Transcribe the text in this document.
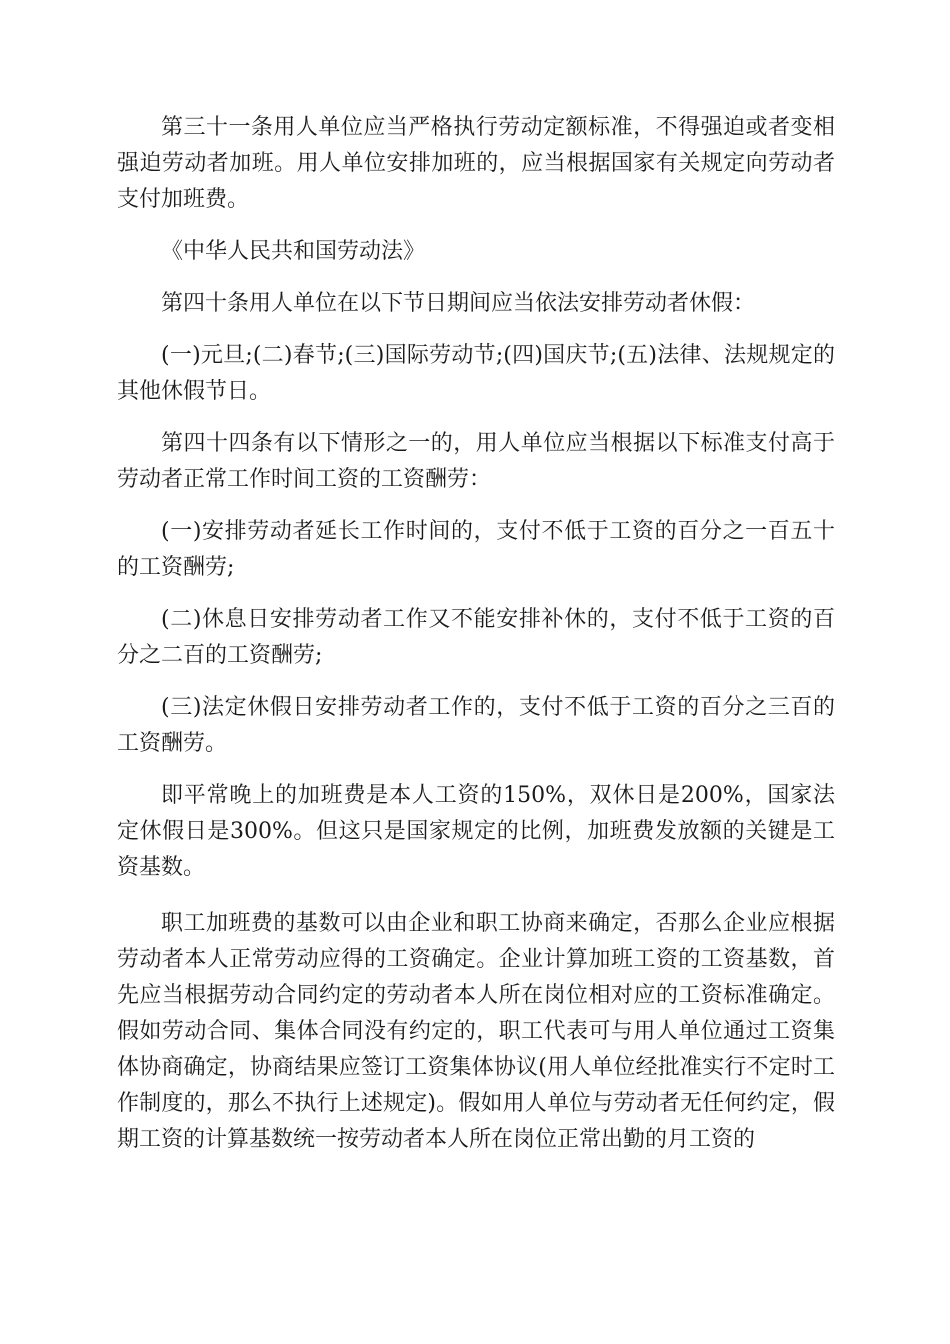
第三十一条用人单位应当严格执行劳动定额标准，不得强迫或者变相强迫劳动者加班。用人单位安排加班的，应当根据国家有关规定向劳动者支付加班费。

《中华人民共和国劳动法》

第四十条用人单位在以下节日期间应当依法安排劳动者休假：

(一)元旦;(二)春节;(三)国际劳动节;(四)国庆节;(五)法律、法规规定的其他休假节日。

第四十四条有以下情形之一的，用人单位应当根据以下标准支付高于劳动者正常工作时间工资的工资酬劳：

(一)安排劳动者延长工作时间的，支付不低于工资的百分之一百五十的工资酬劳;

(二)休息日安排劳动者工作又不能安排补休的，支付不低于工资的百分之二百的工资酬劳;

(三)法定休假日安排劳动者工作的，支付不低于工资的百分之三百的工资酬劳。

即平常晚上的加班费是本人工资的150%，双休日是200%，国家法定休假日是300%。但这只是国家规定的比例，加班费发放额的关键是工资基数。

职工加班费的基数可以由企业和职工协商来确定，否那么企业应根据劳动者本人正常劳动应得的工资确定。企业计算加班工资的工资基数，首先应当根据劳动合同约定的劳动者本人所在岗位相对应的工资标准确定。假如劳动合同、集体合同没有约定的，职工代表可与用人单位通过工资集体协商确定，协商结果应签订工资集体协议(用人单位经批准实行不定时工作制度的，那么不执行上述规定)。假如用人单位与劳动者无任何约定，假期工资的计算基数统一按劳动者本人所在岗位正常出勤的月工资的
